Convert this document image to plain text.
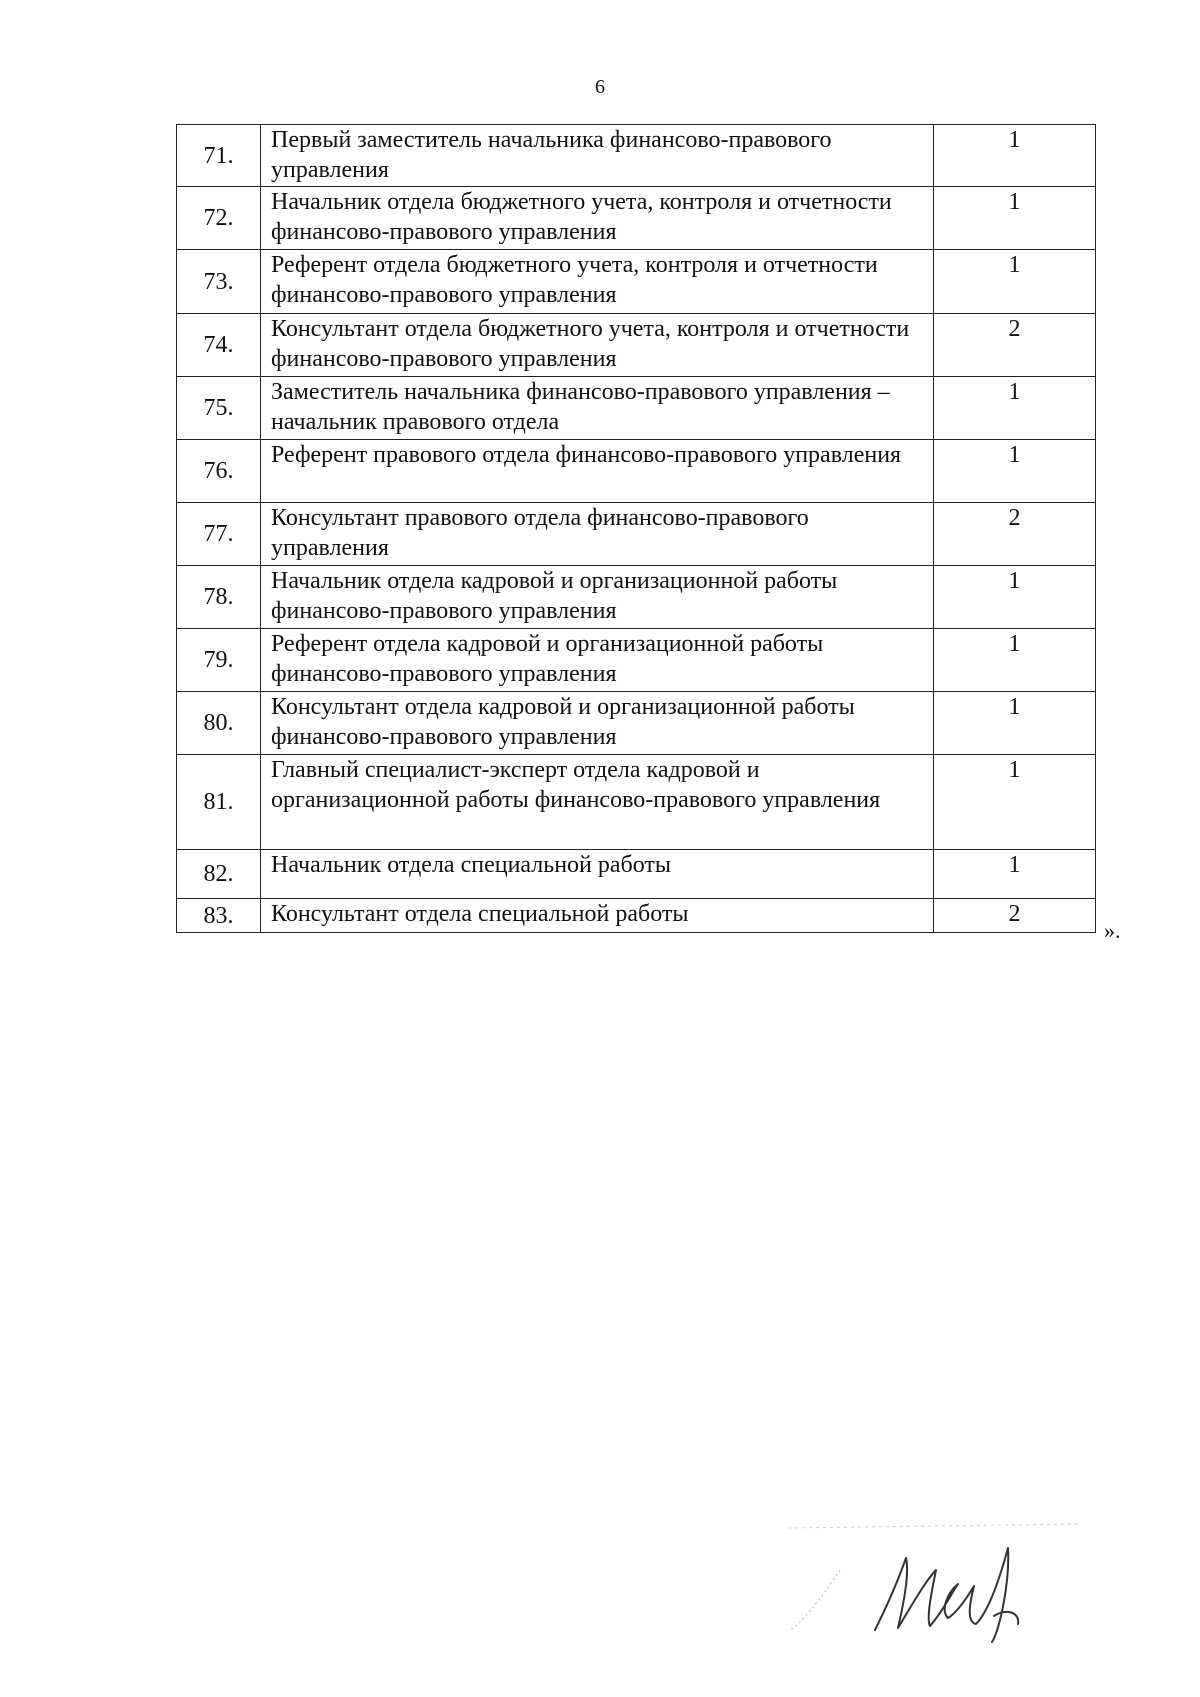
6
71.	Первый заместитель начальника финансово-правового управления	1
72.	Начальник отдела бюджетного учета, контроля и отчетности финансово-правового управления	1
73.	Референт отдела бюджетного учета, контроля и отчетности финансово-правового управления	1
74.	Консультант отдела бюджетного учета, контроля и отчетности финансово-правового управления	2
75.	Заместитель начальника финансово-правового управления – начальник правового отдела	1
76.	Референт правового отдела финансово-правового управления	1
77.	Консультант правового отдела финансово-правового управления	2
78.	Начальник отдела кадровой и организационной работы финансово-правового управления	1
79.	Референт отдела кадровой и организационной работы финансово-правового управления	1
80.	Консультант отдела кадровой и организационной работы финансово-правового управления	1
81.	Главный специалист-эксперт отдела кадровой и организационной работы финансово-правового управления	1
82.	Начальник отдела специальной работы	1
83.	Консультант отдела специальной работы	2
».
